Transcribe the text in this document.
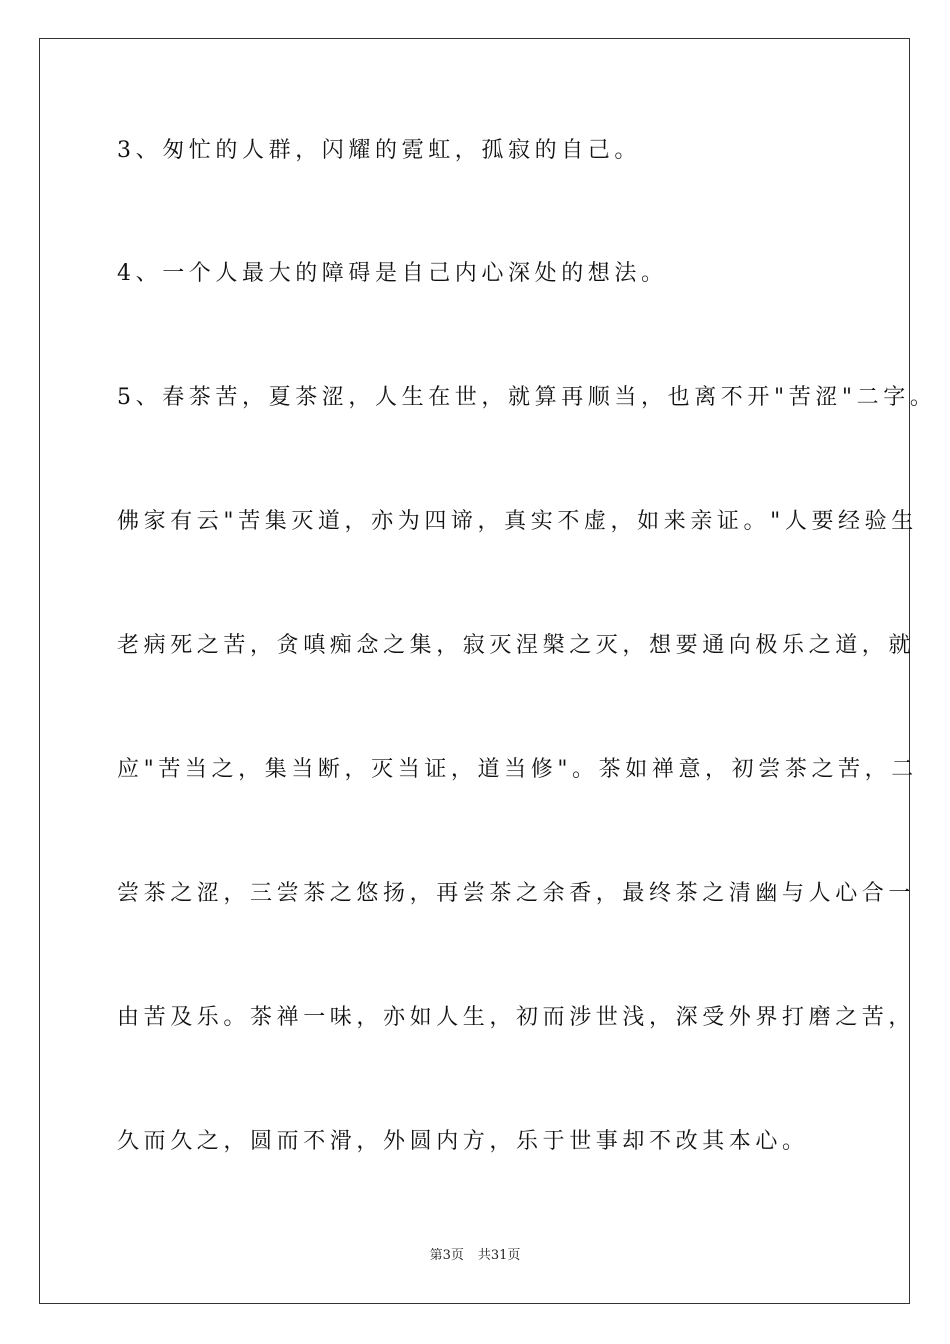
3、匆忙的人群，闪耀的霓虹，孤寂的自己。

4、一个人最大的障碍是自己内心深处的想法。

5、春茶苦，夏茶涩，人生在世，就算再顺当，也离不开"苦涩"二字。

佛家有云"苦集灭道，亦为四谛，真实不虚，如来亲证。"人要经验生

老病死之苦，贪嗔痴念之集，寂灭涅槃之灭，想要通向极乐之道，就

应"苦当之，集当断，灭当证，道当修"。茶如禅意，初尝茶之苦，二

尝茶之涩，三尝茶之悠扬，再尝茶之余香，最终茶之清幽与人心合一

由苦及乐。茶禅一味，亦如人生，初而涉世浅，深受外界打磨之苦，

久而久之，圆而不滑，外圆内方，乐于世事却不改其本心。

第3页 共31页
